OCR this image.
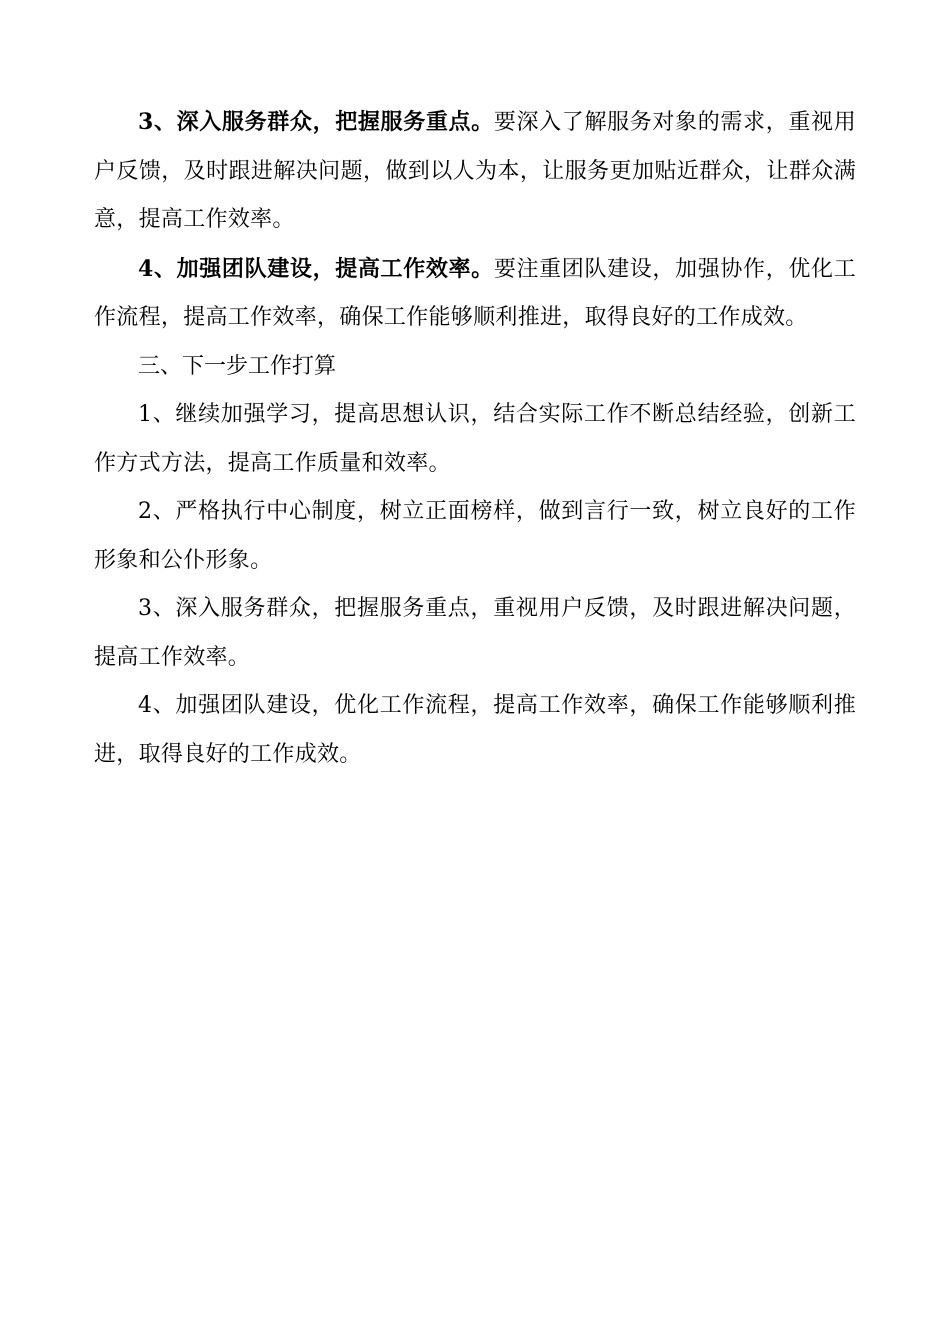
3、深入服务群众，把握服务重点。要深入了解服务对象的需求，重视用户反馈，及时跟进解决问题，做到以人为本，让服务更加贴近群众，让群众满意，提高工作效率。

4、加强团队建设，提高工作效率。要注重团队建设，加强协作，优化工作流程，提高工作效率，确保工作能够顺利推进，取得良好的工作成效。

三、下一步工作打算

1、继续加强学习，提高思想认识，结合实际工作不断总结经验，创新工作方式方法，提高工作质量和效率。

2、严格执行中心制度，树立正面榜样，做到言行一致，树立良好的工作形象和公仆形象。

3、深入服务群众，把握服务重点，重视用户反馈，及时跟进解决问题，提高工作效率。

4、加强团队建设，优化工作流程，提高工作效率，确保工作能够顺利推进，取得良好的工作成效。
